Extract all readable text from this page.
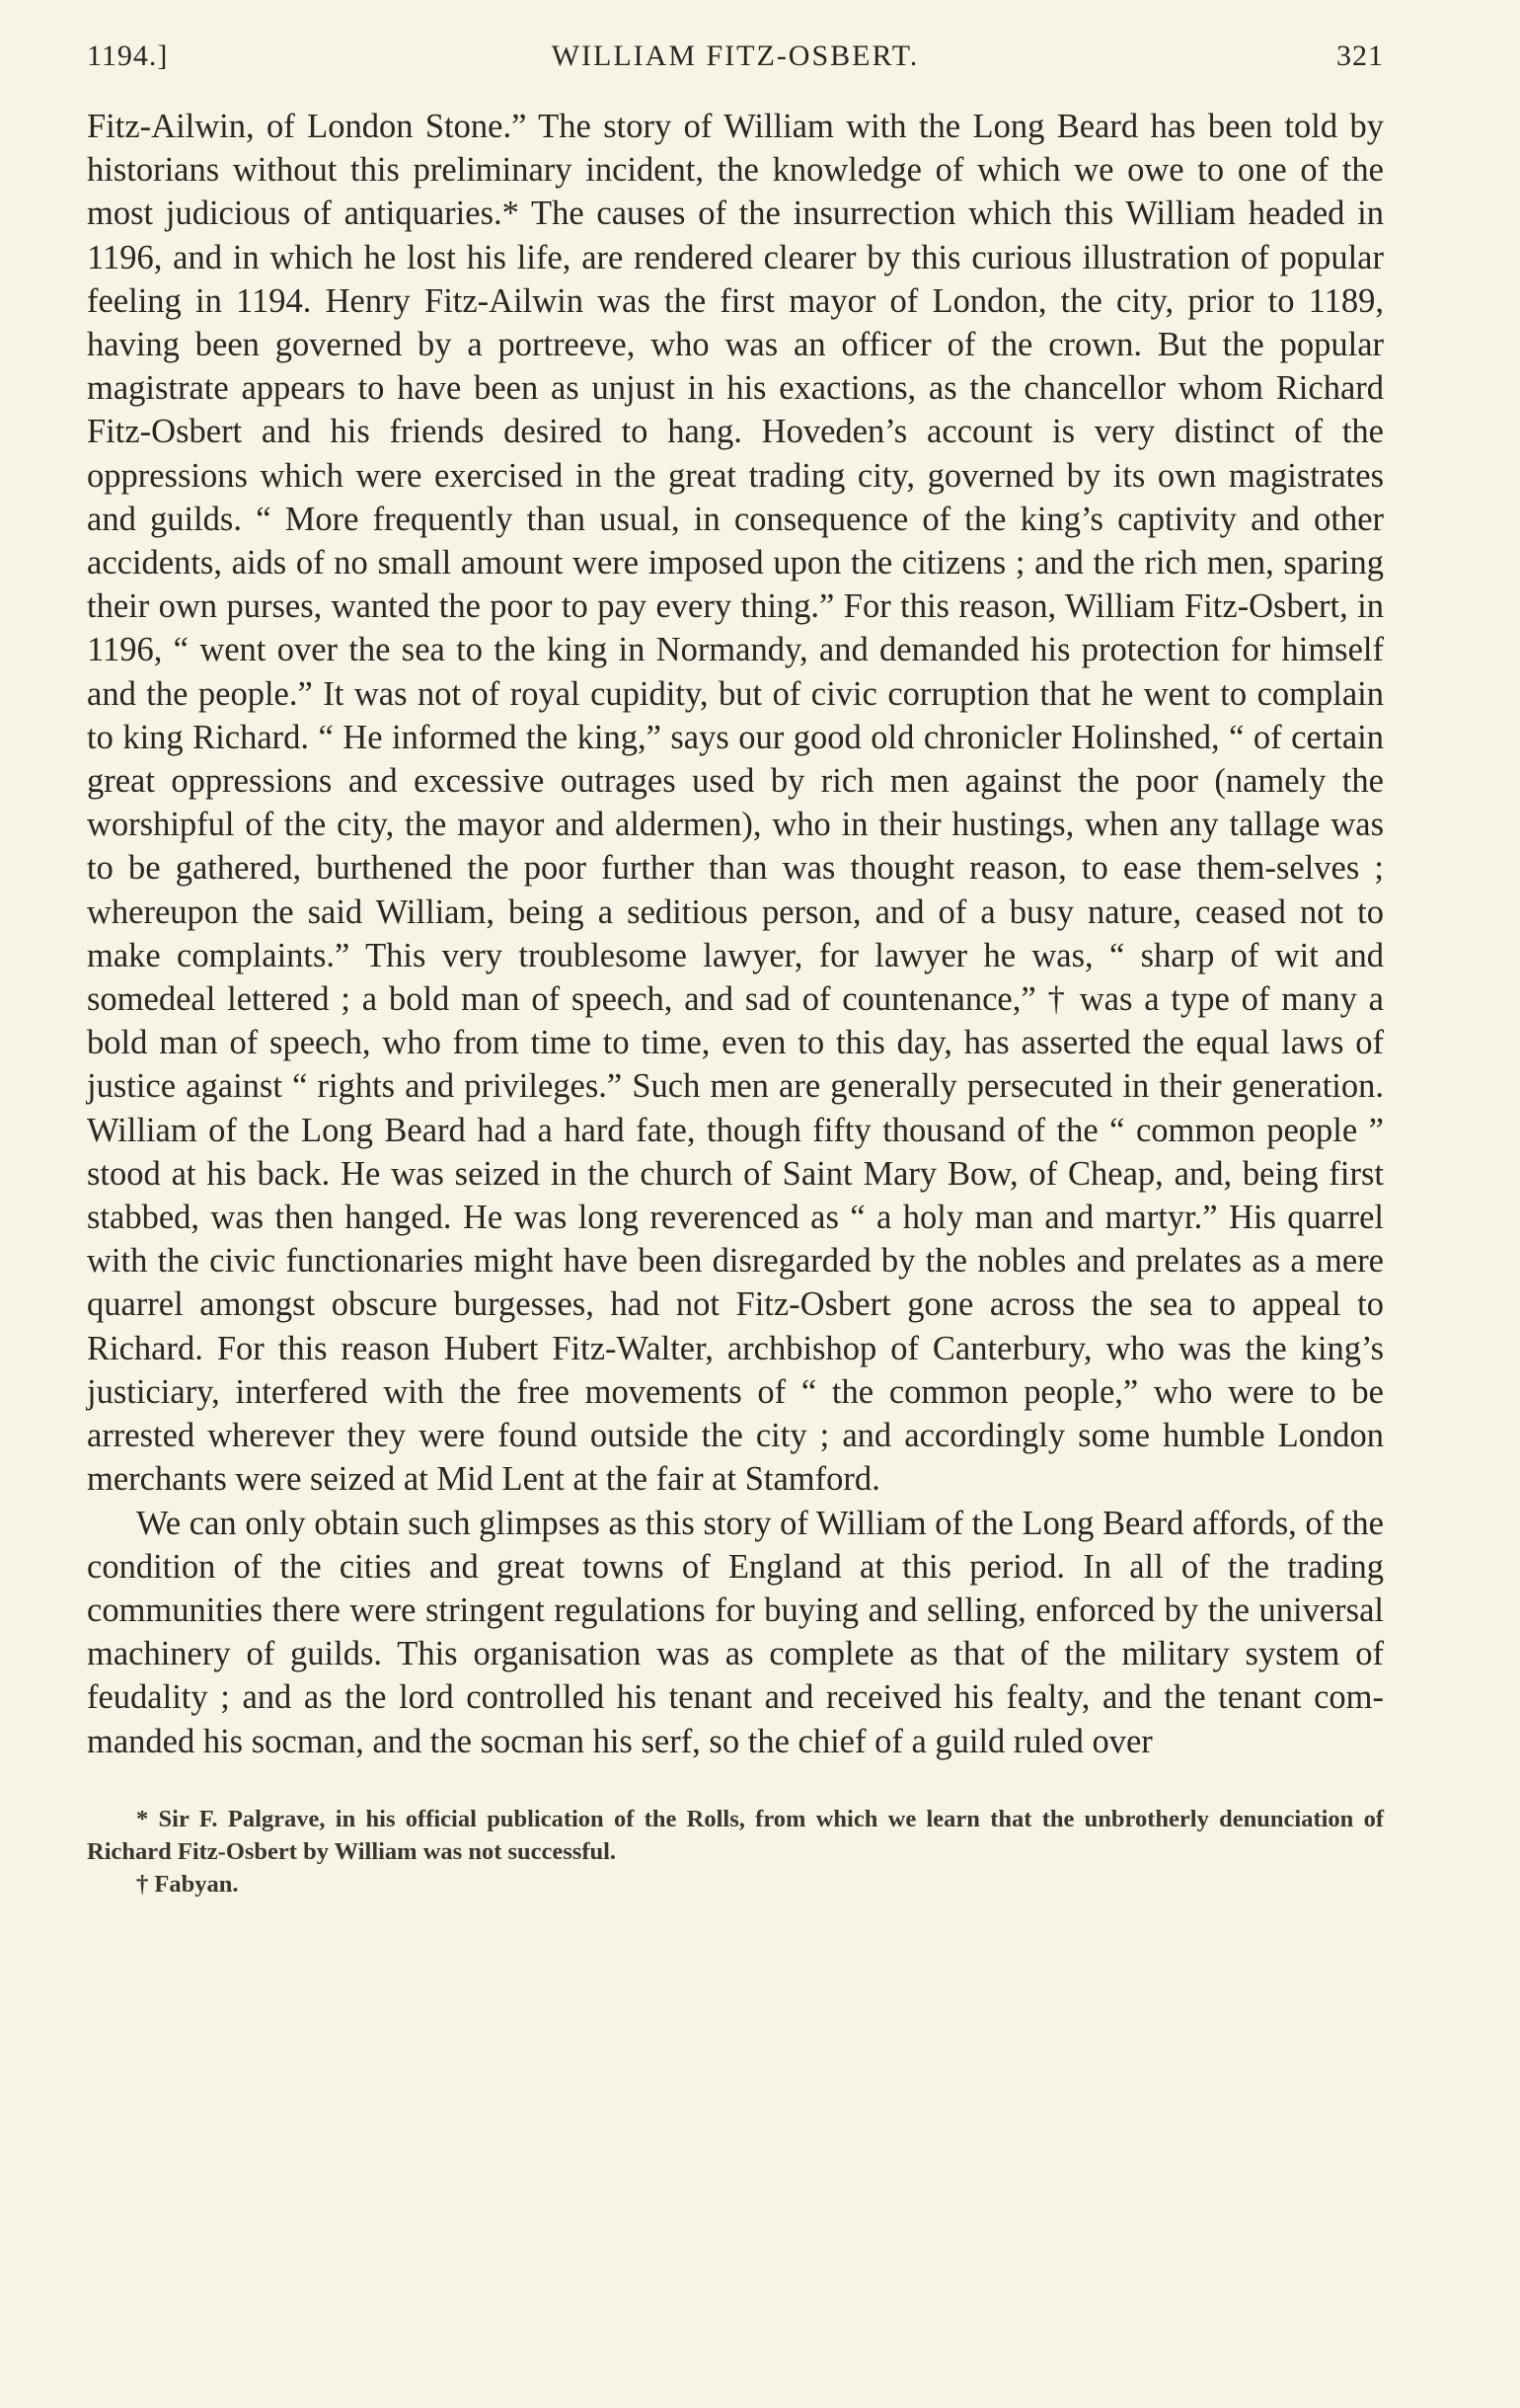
1194.]	WILLIAM FITZ-OSBERT.	321

Fitz-Ailwin, of London Stone.” The story of William with the Long Beard has been told by historians without this preliminary incident, the knowledge of which we owe to one of the most judicious of antiquaries.* The causes of the insurrection which this William headed in 1196, and in which he lost his life, are rendered clearer by this curious illustration of popular feeling in 1194. Henry Fitz-Ailwin was the first mayor of London, the city, prior to 1189, having been governed by a portreeve, who was an officer of the crown. But the popular magistrate appears to have been as unjust in his exactions, as the chancellor whom Richard Fitz-Osbert and his friends desired to hang. Hoveden’s account is very distinct of the oppressions which were exercised in the great trading city, governed by its own magistrates and guilds. “ More frequently than usual, in consequence of the king’s captivity and other accidents, aids of no small amount were imposed upon the citizens ; and the rich men, sparing their own purses, wanted the poor to pay every thing.” For this reason, William Fitz-Osbert, in 1196, “ went over the sea to the king in Normandy, and demanded his protection for himself and the people.” It was not of royal cupidity, but of civic corruption that he went to complain to king Richard. “ He informed the king,” says our good old chronicler Holinshed, “ of certain great oppressions and excessive outrages used by rich men against the poor (namely the worshipful of the city, the mayor and aldermen), who in their hustings, when any tallage was to be gathered, burthened the poor further than was thought reason, to ease them-selves ; whereupon the said William, being a seditious person, and of a busy nature, ceased not to make complaints.” This very troublesome lawyer, for lawyer he was, “ sharp of wit and somedeal lettered ; a bold man of speech, and sad of countenance,” † was a type of many a bold man of speech, who from time to time, even to this day, has asserted the equal laws of justice against “ rights and privileges.” Such men are generally persecuted in their generation. William of the Long Beard had a hard fate, though fifty thousand of the “ common people ” stood at his back. He was seized in the church of Saint Mary Bow, of Cheap, and, being first stabbed, was then hanged. He was long reverenced as “ a holy man and martyr.” His quarrel with the civic functionaries might have been disregarded by the nobles and prelates as a mere quarrel amongst obscure burgesses, had not Fitz-Osbert gone across the sea to appeal to Richard. For this reason Hubert Fitz-Walter, archbishop of Canterbury, who was the king’s justiciary, interfered with the free movements of “ the common people,” who were to be arrested wherever they were found outside the city ; and accordingly some humble London merchants were seized at Mid Lent at the fair at Stamford.

We can only obtain such glimpses as this story of William of the Long Beard affords, of the condition of the cities and great towns of England at this period. In all of the trading communities there were stringent regulations for buying and selling, enforced by the universal machinery of guilds. This organisation was as complete as that of the military system of feudality ; and as the lord controlled his tenant and received his fealty, and the tenant com-manded his socman, and the socman his serf, so the chief of a guild ruled over

* Sir F. Palgrave, in his official publication of the Rolls, from which we learn that the unbrotherly denunciation of Richard Fitz-Osbert by William was not successful.

† Fabyan.
